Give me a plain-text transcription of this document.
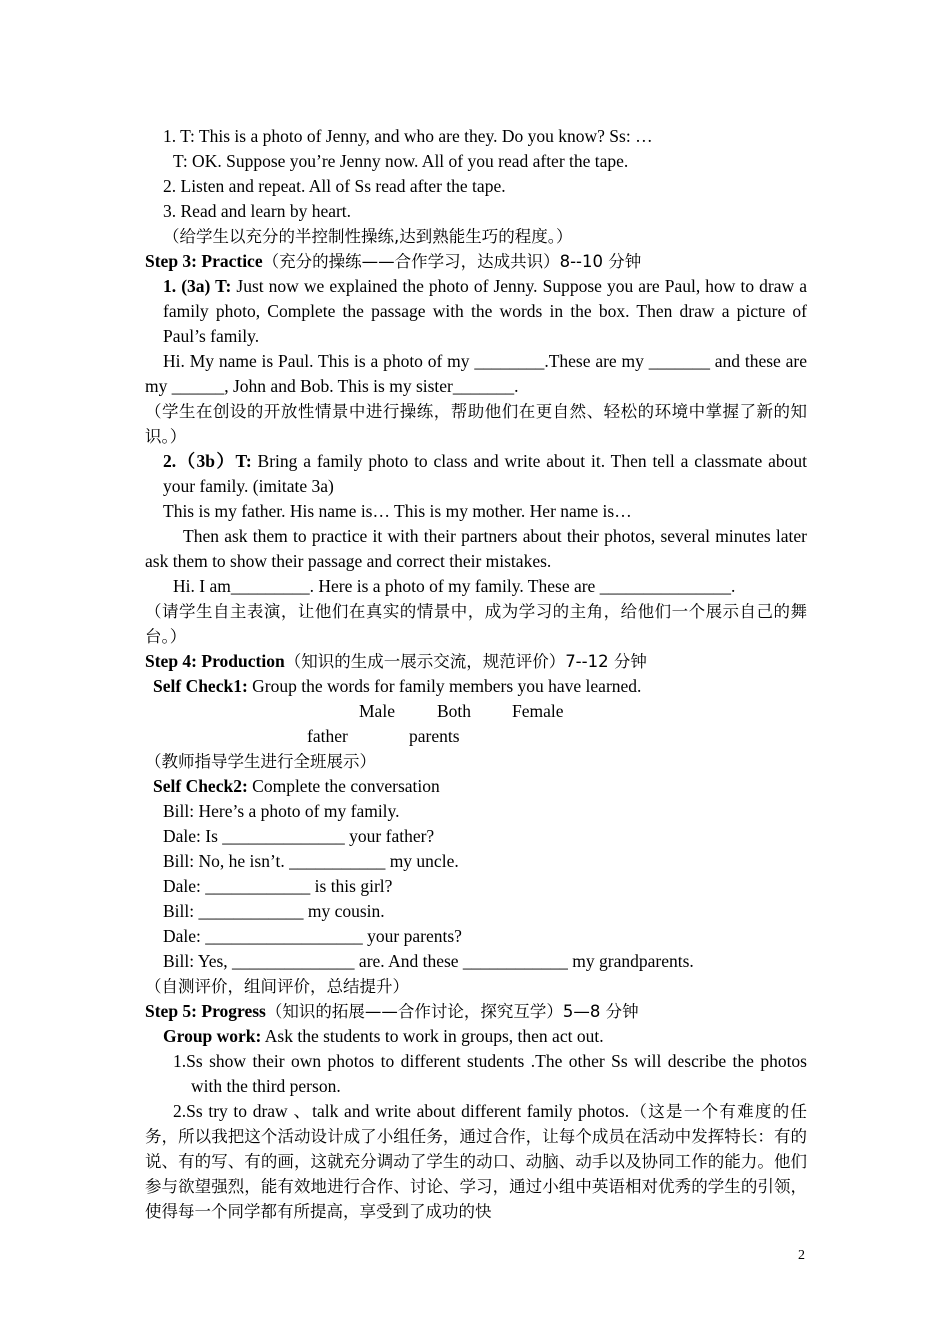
1. T: This is a photo of Jenny, and who are they. Do you know? Ss: …

T: OK. Suppose you’re Jenny now. All of you read after the tape.

2. Listen and repeat. All of Ss read after the tape.

3. Read and learn by heart.

（给学生以充分的半控制性操练,达到熟能生巧的程度。）

Step 3: Practice（充分的操练——合作学习，达成共识）8--10 分钟

1. (3a) T: Just now we explained the photo of Jenny. Suppose you are Paul, how to draw a family photo, Complete the passage with the words in the box. Then draw a picture of Paul’s family.

Hi. My name is Paul. This is a photo of my ________.These are my _______ and these are my ______, John and Bob. This is my sister_______.

（学生在创设的开放性情景中进行操练，帮助他们在更自然、轻松的环境中掌握了新的知识。）

2.（3b）T: Bring a family photo to class and write about it. Then tell a classmate about your family. (imitate 3a)

This is my father. His name is… This is my mother. Her name is…

Then ask them to practice it with their partners about their photos, several minutes later ask them to show their passage and correct their mistakes.

Hi. I am_________. Here is a photo of my family. These are _______________.

（请学生自主表演，让他们在真实的情景中，成为学习的主角，给他们一个展示自己的舞台。）

Step 4: Production（知识的生成一展示交流，规范评价）7--12 分钟

Self Check1: Group the words for family members you have learned.

Male Both Female
father	parents

（教师指导学生进行全班展示）

Self Check2: Complete the conversation

Bill: Here’s a photo of my family.

Dale: Is ______________ your father?

Bill: No, he isn’t. ___________ my uncle.

Dale: ____________ is this girl?

Bill: ____________ my cousin.

Dale: __________________ your parents?

Bill: Yes, ______________ are. And these ____________ my grandparents.

（自测评价，组间评价，总结提升）

Step 5: Progress（知识的拓展——合作讨论，探究互学）5—8 分钟

Group work: Ask the students to work in groups, then act out.

1.Ss show their own photos to different students .The other Ss will describe the photos with the third person.

2.Ss try to draw 、talk and write about different family photos.（这是一个有难度的任务，所以我把这个活动设计成了小组任务，通过合作，让每个成员在活动中发挥特长：有的说、有的写、有的画，这就充分调动了学生的动口、动脑、动手以及协同工作的能力。他们参与欲望强烈，能有效地进行合作、讨论、学习，通过小组中英语相对优秀的学生的引领，使得每一个同学都有所提高，享受到了成功的快

2
